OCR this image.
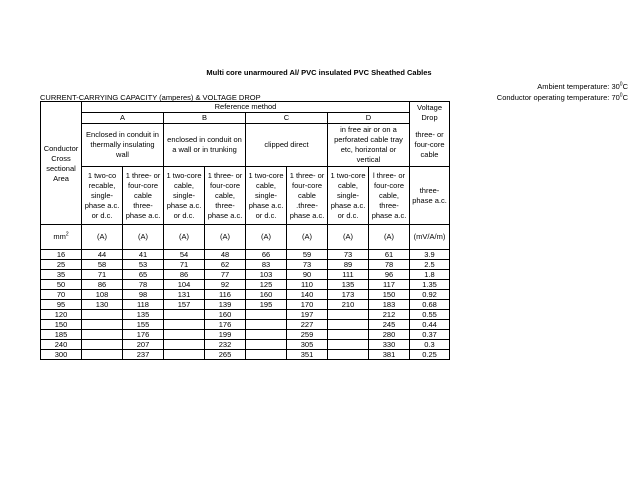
Multi core unarmoured Al/ PVC insulated PVC Sheathed Cables
Ambient temperature: $30^0C$
CURRENT-CARRYING CAPACITY (amperes) & VOLTAGE DROP	Conductor operating temperature: $70^0C$
	Reference method								Voltage Drop
	A		B		C		D		
Conductor Cross sectional Area	Enclosed in conduit in thermally insulating wall		enclosed in conduit on a wall or in trunking		clipped direct		in free air or on a perforated cable tray etc, horizontal or vertical		three- or four-core cable
	1 two-co recable, single-phase a.c. or d.c.	1 three- or four-core cable three-phase a.c.	1 two-core cable, single-phase a.c. or d.c.	1 three- or four-core cable, three-phase a.c.	1 two-core cable, single-phase a.c. or d.c.	1 three- or four-core cable .three-phase a.c.	1 two-core cable, single-phase a.c. or d.c.	l three- or four-core cable, three-phase a.c.	three-phase a.c.
$mm^2$	(A)	(A)	(A)	(A)	(A)	(A)	(A)	(A)	(mV/A/m)
16	44	41	54	48	66	59	73	61	3.9
25	58	53	71	62	83	73	89	78	2.5
35	71	65	86	77	103	90	111	96	1.8
50	86	78	104	92	125	110	135	117	1.35
70	108	98	131	116	160	140	173	150	0.92
95	130	118	157	139	195	170	210	183	0.68
120		135		160		197		212	0.55
150		155		176		227		245	0.44
185		176		199		259		280	0.37
240		207		232		305		330	0.3
300		237		265		351		381	0.25
